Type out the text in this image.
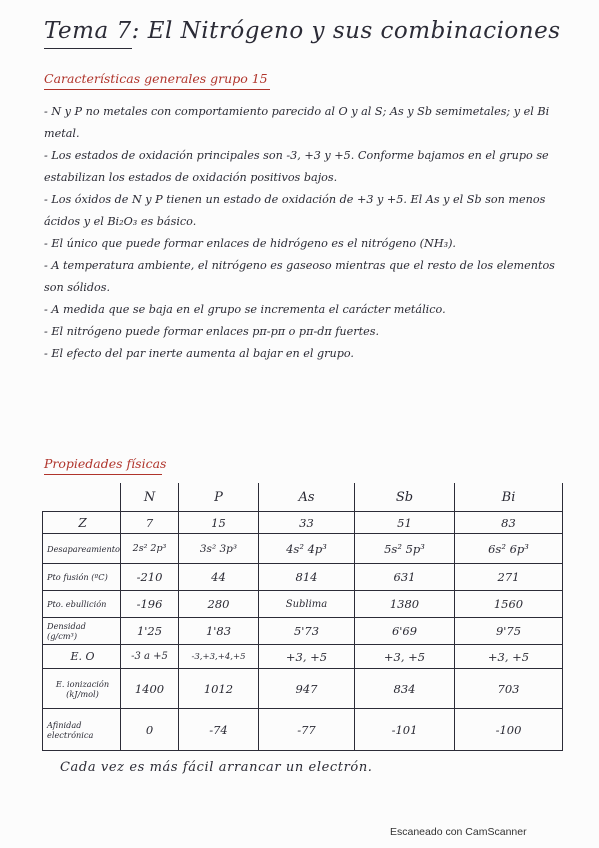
Tema 7: El Nitrógeno y sus combinaciones
Características generales grupo 15
- N y P no metales con comportamiento parecido al O y al S; As y Sb semimetales; y el Bi metal.
- Los estados de oxidación principales son -3, +3 y +5. Conforme bajamos en el grupo se estabilizan los estados de oxidación positivos bajos.
- Los óxidos de N y P tienen un estado de oxidación de +3 y +5. El As y el Sb son menos ácidos y el Bi₂O₃ es básico.
- El único que puede formar enlaces de hidrógeno es el nitrógeno (NH₃).
- A temperatura ambiente, el nitrógeno es gaseoso mientras que el resto de los elementos son sólidos.
- A medida que se baja en el grupo se incrementa el carácter metálico.
- El nitrógeno puede formar enlaces pπ-pπ o pπ-dπ fuertes.
- El efecto del par inerte aumenta al bajar en el grupo.
Propiedades físicas
	N	P	As	Sb	Bi
Z	7	15	33	51	83
Desapareamiento	2s² 2p³	3s² 3p³	4s² 4p³	5s² 5p³	6s² 6p³
Pto fusión (ºC)	-210	44	814	631	271
Pto. ebullición	-196	280	Sublima	1380	1560
Densidad (g/cm³)	1'25	1'83	5'73	6'69	9'75
E. O	-3 a +5	-3,+3,+4,+5	+3, +5	+3, +5	+3, +5
E. ionización (kJ/mol)	1400	1012	947	834	703
Afinidad electrónica	0	-74	-77	-101	-100
Cada vez es más fácil arrancar un electrón.
Escaneado con CamScanner
